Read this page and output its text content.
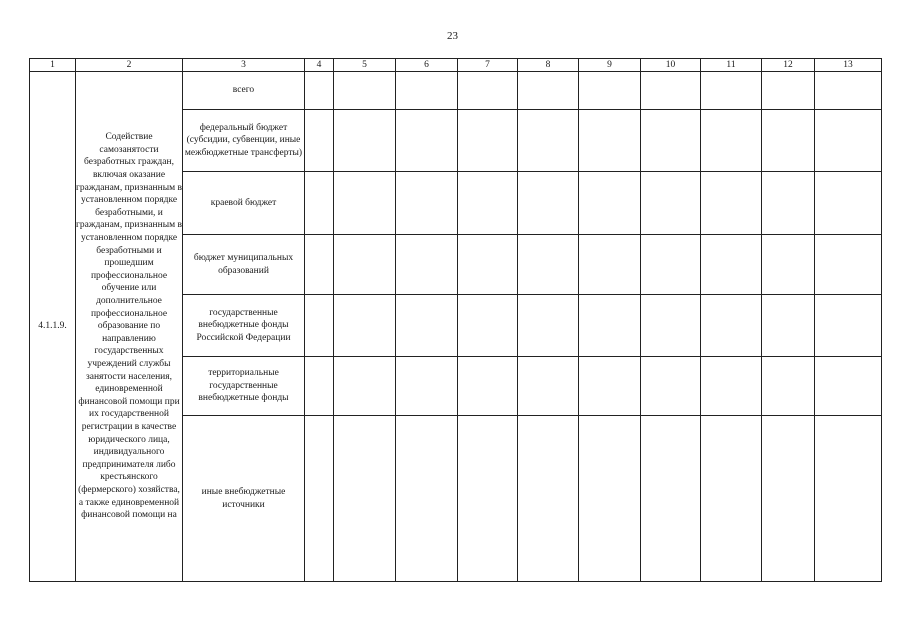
23
1	2	3	4	5	6	7	8	9	10	11	12	13
4.1.1.9.	Содействие самозанятости безработных граждан, включая оказание гражданам, признанным в установленном порядке безработными, и гражданам, признанным в установленном порядке безработными и прошедшим профессиональное обучение или дополнительное профессиональное образование по направлению государственных учреждений службы занятости населения, единовременной финансовой помощи при их государственной регистрации в качестве юридического лица, индивидуального предпринимателя либо крестьянского (фермерского) хозяйства, а также единовременной финансовой помощи на	всего										
		федеральный бюджет (субсидии, субвенции, иные межбюджетные трансферты)										
		краевой бюджет										
		бюджет муниципальных образований										
		государственные внебюджетные фонды Российской Федерации										
		территориальные государственные внебюджетные фонды										
		иные внебюджетные источники										
